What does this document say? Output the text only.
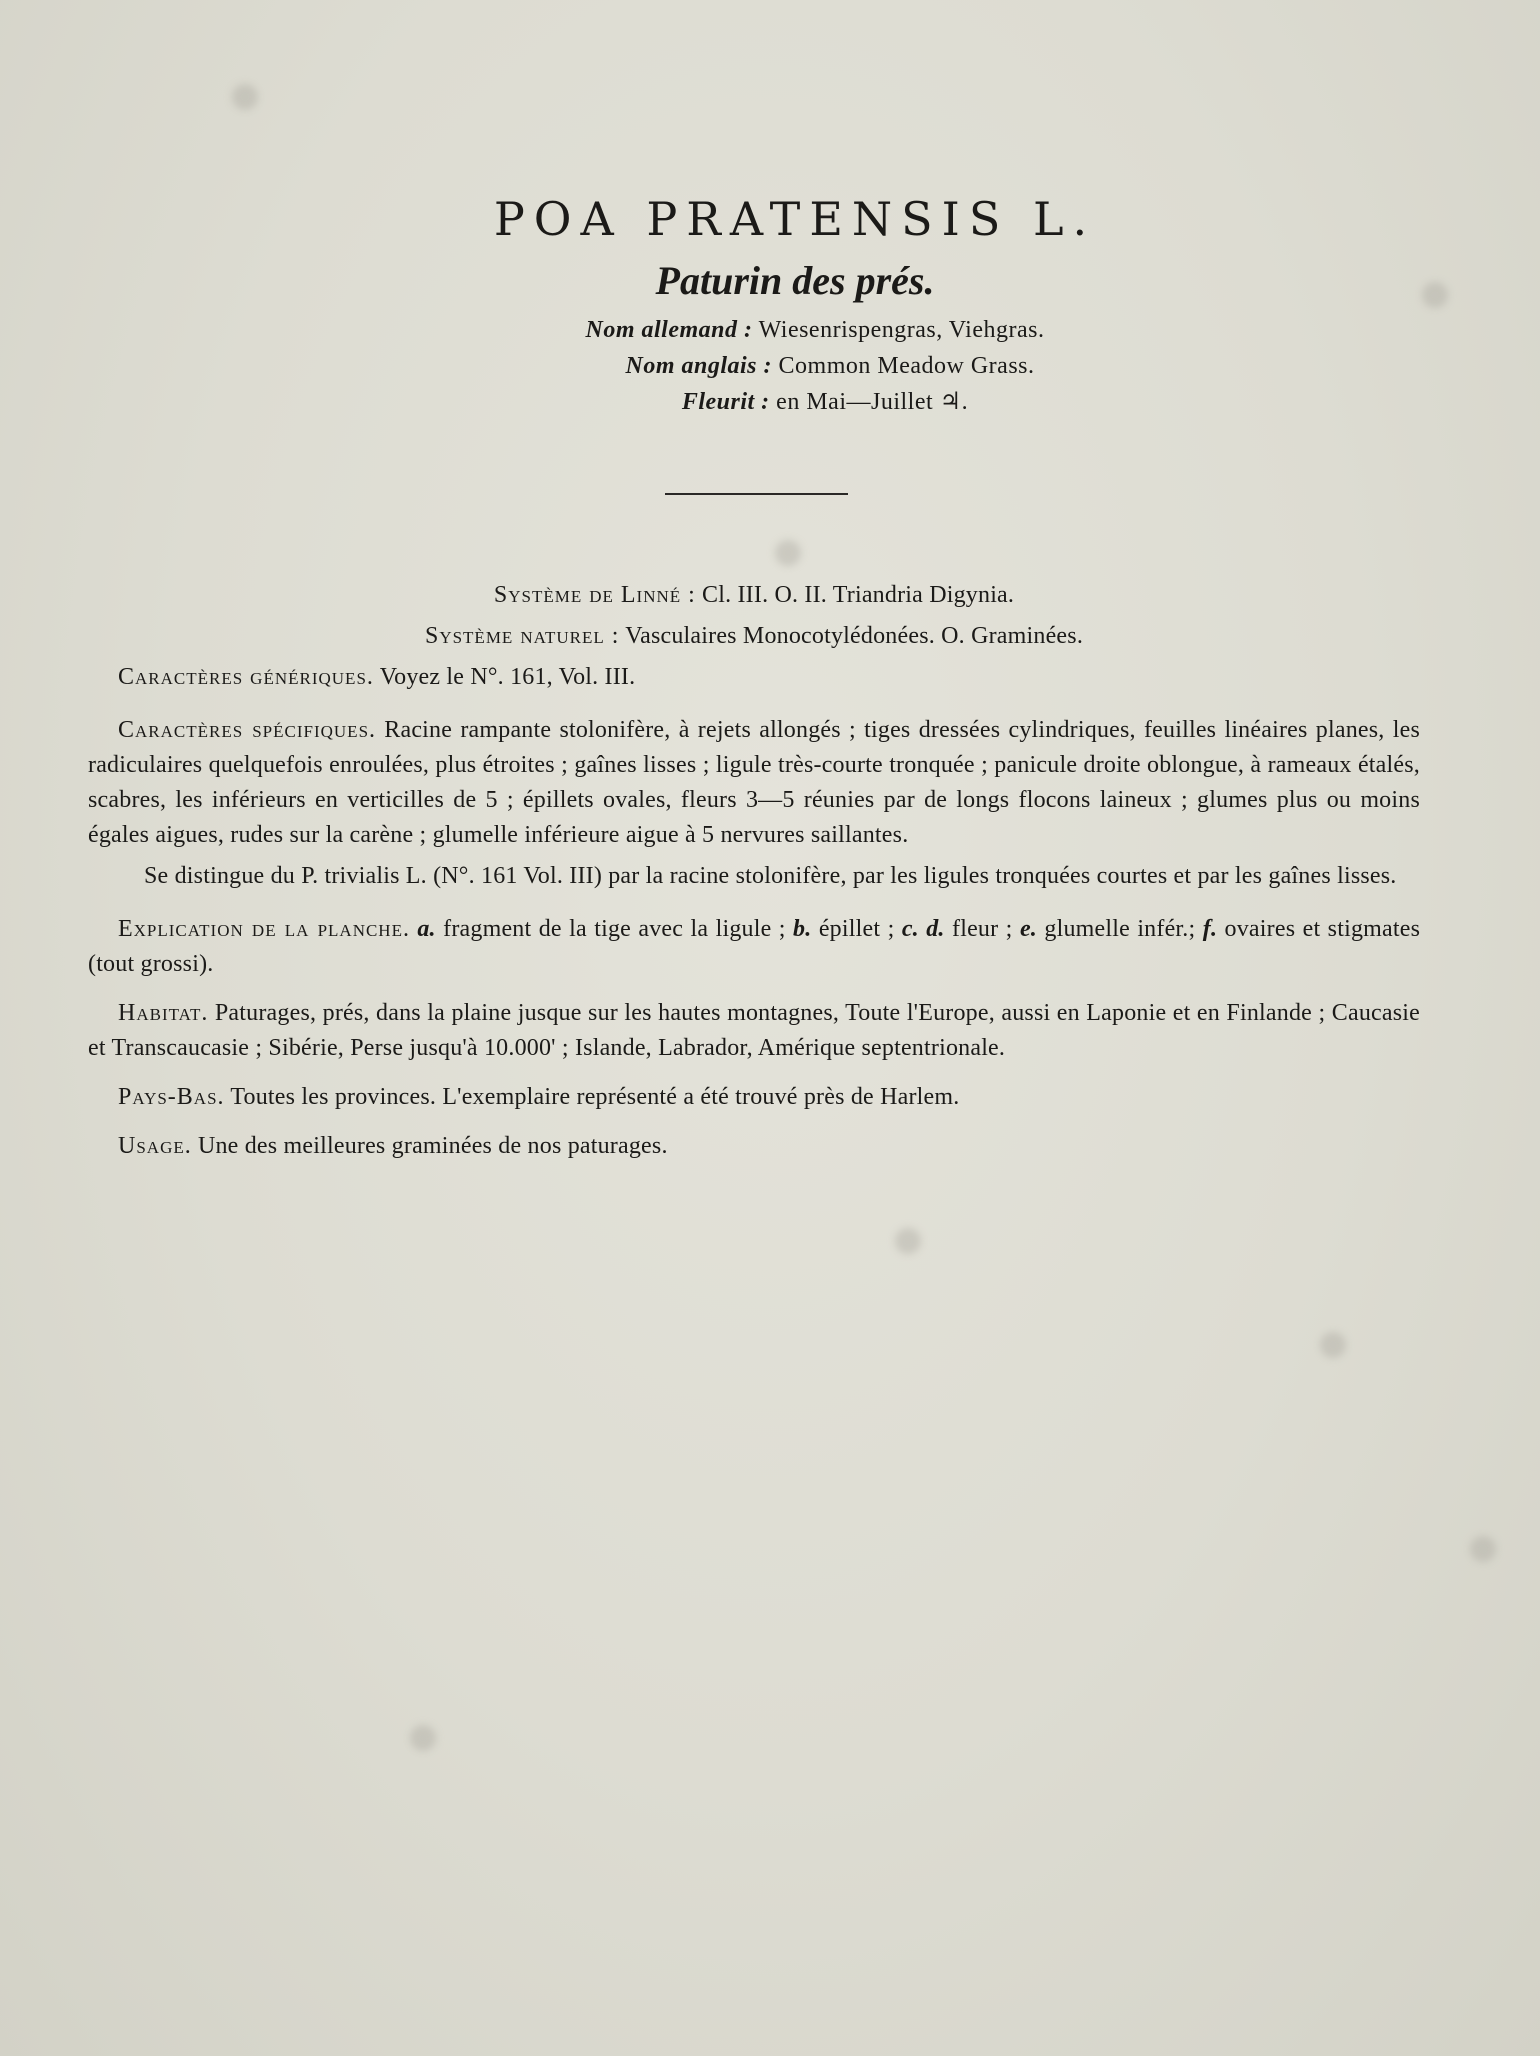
POA PRATENSIS L.
Paturin des prés.
Nom allemand : Wiesenrispengras, Viehgras.
Nom anglais : Common Meadow Grass.
Fleurit : en Mai—Juillet ♃.
Système de Linné : Cl. III. O. II. Triandria Digynia.
Système naturel : Vasculaires Monocotylédonées. O. Graminées.

Caractères génériques. Voyez le N°. 161, Vol. III.

Caractères spécifiques. Racine rampante stolonifère, à rejets allongés ; tiges dressées cylindriques, feuilles linéaires planes, les radiculaires quelquefois enroulées, plus étroites ; gaînes lisses ; ligule très-courte tronquée ; panicule droite oblongue, à rameaux étalés, scabres, les inférieurs en verticilles de 5 ; épillets ovales, fleurs 3—5 réunies par de longs flocons laineux ; glumes plus ou moins égales aigues, rudes sur la carène ; glumelle inférieure aigue à 5 nervures saillantes.

Se distingue du P. trivialis L. (N°. 161 Vol. III) par la racine stolonifère, par les ligules tronquées courtes et par les gaînes lisses.

Explication de la planche. a. fragment de la tige avec la ligule ; b. épillet ; c. d. fleur ; e. glumelle infér.; f. ovaires et stigmates (tout grossi).

Habitat. Paturages, prés, dans la plaine jusque sur les hautes montagnes, Toute l'Europe, aussi en Laponie et en Finlande ; Caucasie et Transcaucasie ; Sibérie, Perse jusqu'à 10.000' ; Islande, Labrador, Amérique septentrionale.

Pays-Bas. Toutes les provinces. L'exemplaire représenté a été trouvé près de Harlem.

Usage. Une des meilleures graminées de nos paturages.
